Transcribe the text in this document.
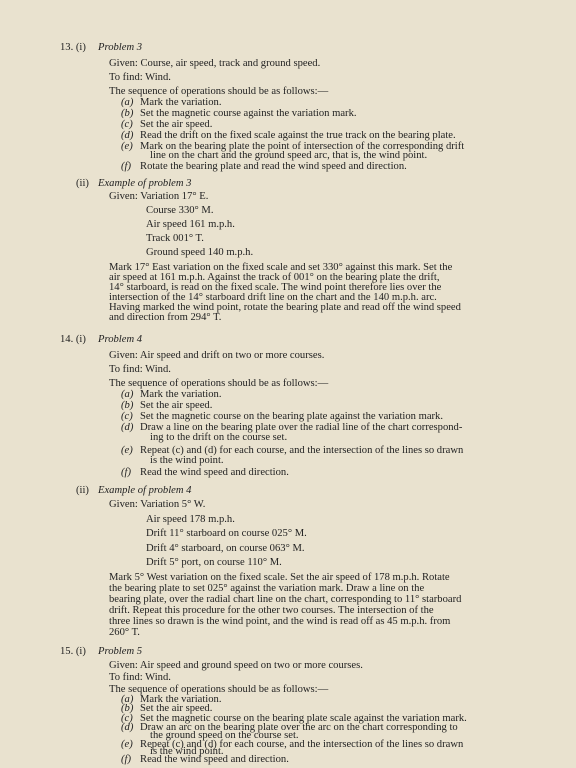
13. (i) Problem 3
Given: Course, air speed, track and ground speed.
To find: Wind.
The sequence of operations should be as follows:—
(a) Mark the variation.
(b) Set the magnetic course against the variation mark.
(c) Set the air speed.
(d) Read the drift on the fixed scale against the true track on the bearing plate.
(e) Mark on the bearing plate the point of intersection of the corresponding drift
line on the chart and the ground speed arc, that is, the wind point.
(f) Rotate the bearing plate and read the wind speed and direction.
(ii) Example of problem 3
Given: Variation 17° E.
Course 330° M.
Air speed 161 m.p.h.
Track 001° T.
Ground speed 140 m.p.h.
Mark 17° East variation on the fixed scale and set 330° against this mark. Set the
air speed at 161 m.p.h. Against the track of 001° on the bearing plate the drift,
14° starboard, is read on the fixed scale. The wind point therefore lies over the
intersection of the 14° starboard drift line on the chart and the 140 m.p.h. arc.
Having marked the wind point, rotate the bearing plate and read off the wind speed
and direction from 294° T.
14. (i) Problem 4
Given: Air speed and drift on two or more courses.
To find: Wind.
The sequence of operations should be as follows:—
(a) Mark the variation.
(b) Set the air speed.
(c) Set the magnetic course on the bearing plate against the variation mark.
(d) Draw a line on the bearing plate over the radial line of the chart correspond-
ing to the drift on the course set.
(e) Repeat (c) and (d) for each course, and the intersection of the lines so drawn
is the wind point.
(f) Read the wind speed and direction.
(ii) Example of problem 4
Given: Variation 5° W.
Air speed 178 m.p.h.
Drift 11° starboard on course 025° M.
Drift 4° starboard, on course 063° M.
Drift 5° port, on course 110° M.
Mark 5° West variation on the fixed scale. Set the air speed of 178 m.p.h. Rotate
the bearing plate to set 025° against the variation mark. Draw a line on the
bearing plate, over the radial chart line on the chart, corresponding to 11° starboard
drift. Repeat this procedure for the other two courses. The intersection of the
three lines so drawn is the wind point, and the wind is read off as 45 m.p.h. from
260° T.
15. (i) Problem 5
Given: Air speed and ground speed on two or more courses.
To find: Wind.
The sequence of operations should be as follows:—
(a) Mark the variation.
(b) Set the air speed.
(c) Set the magnetic course on the bearing plate scale against the variation mark.
(d) Draw an arc on the bearing plate over the arc on the chart corresponding to
the ground speed on the course set.
(e) Repeat (c) and (d) for each course, and the intersection of the lines so drawn
is the wind point.
(f) Read the wind speed and direction.
